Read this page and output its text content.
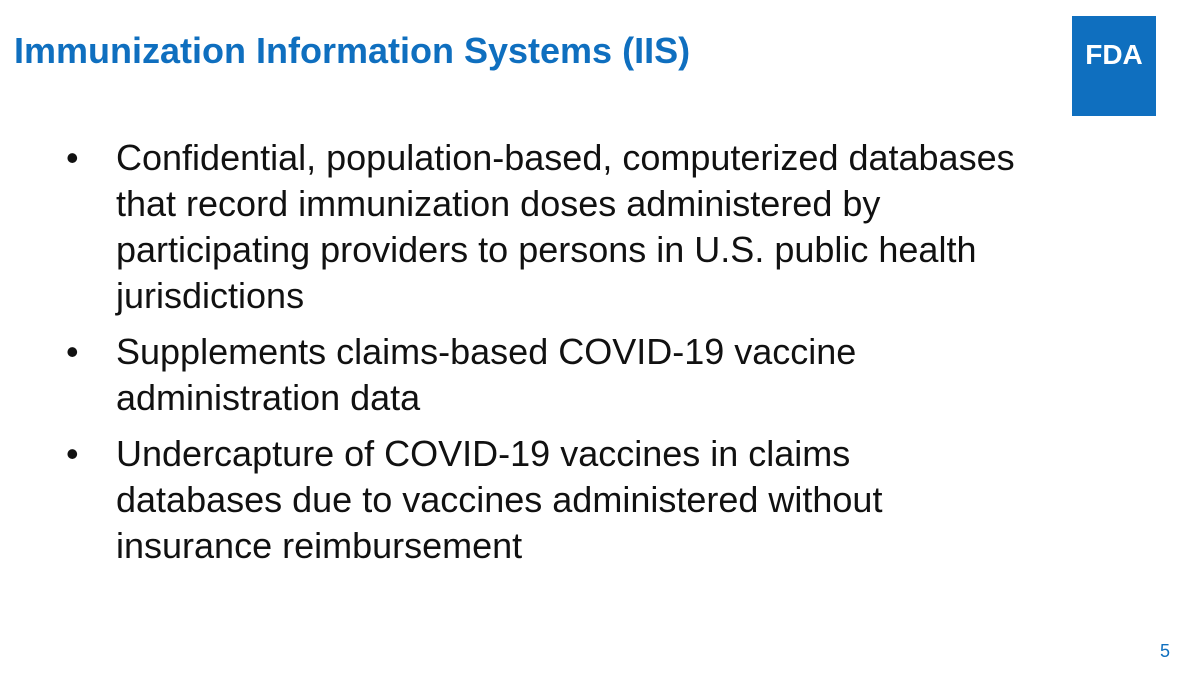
Immunization Information Systems (IIS)	FDA
• Confidential, population-based, computerized databases that record immunization doses administered by participating providers to persons in U.S. public health jurisdictions
• Supplements claims-based COVID-19 vaccine administration data
• Undercapture of COVID-19 vaccines in claims databases due to vaccines administered without insurance reimbursement
5
